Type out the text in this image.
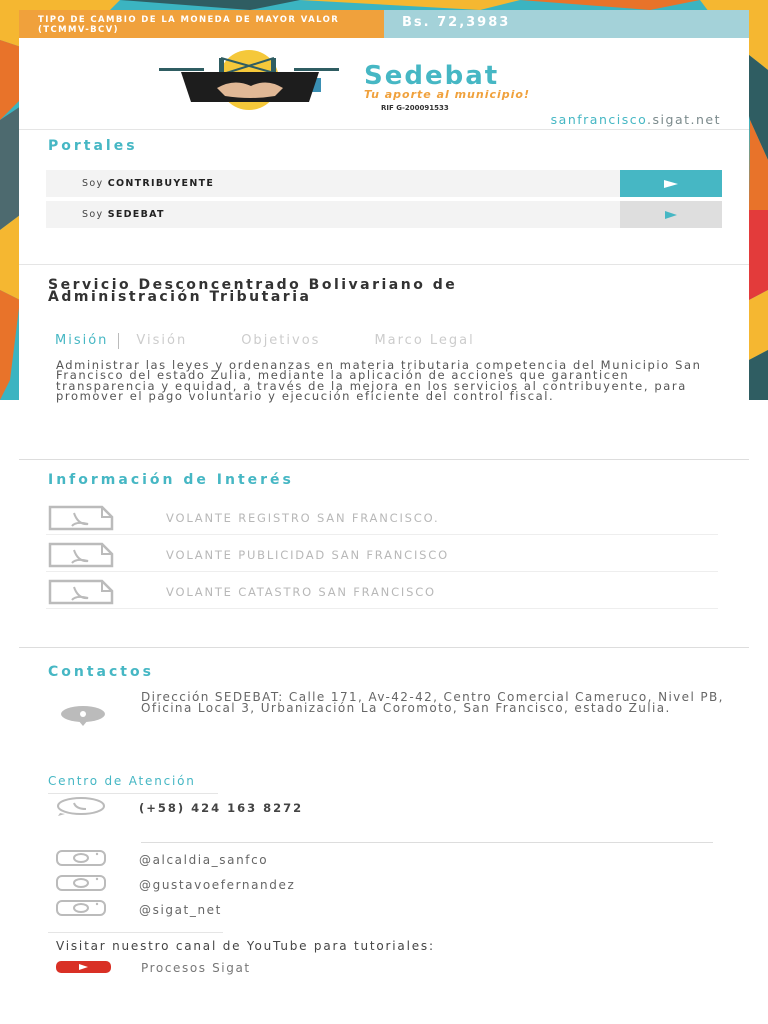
TIPO DE CAMBIO DE LA MONEDA DE MAYOR VALOR (TCMMV-BCV)	Bs. 72,3983
Sedebat
Tu aporte al municipio!
RIF G-200091533
sanfrancisco.sigat.net
Portales
Soy CONTRIBUYENTE
Soy SEDEBAT
Servicio Desconcentrado Bolivariano de Administración Tributaria
Misión	Visión	Objetivos	Marco Legal
Administrar las leyes y ordenanzas en materia tributaria competencia del Municipio San Francisco del estado Zulia, mediante la aplicación de acciones que garanticen transparencia y equidad, a través de la mejora en los servicios al contribuyente, para promover el pago voluntario y ejecución eficiente del control fiscal.
Información de Interés
VOLANTE REGISTRO SAN FRANCISCO.
VOLANTE PUBLICIDAD SAN FRANCISCO
VOLANTE CATASTRO SAN FRANCISCO
Contactos
Dirección SEDEBAT: Calle 171, Av-42-42, Centro Comercial Cameruco, Nivel PB, Oficina Local 3, Urbanización La Coromoto, San Francisco, estado Zulia.
Centro de Atención
(+58) 424 163 8272
@alcaldia_sanfco
@gustavoefernandez
@sigat_net
Visitar nuestro canal de YouTube para tutoriales:
Procesos Sigat
